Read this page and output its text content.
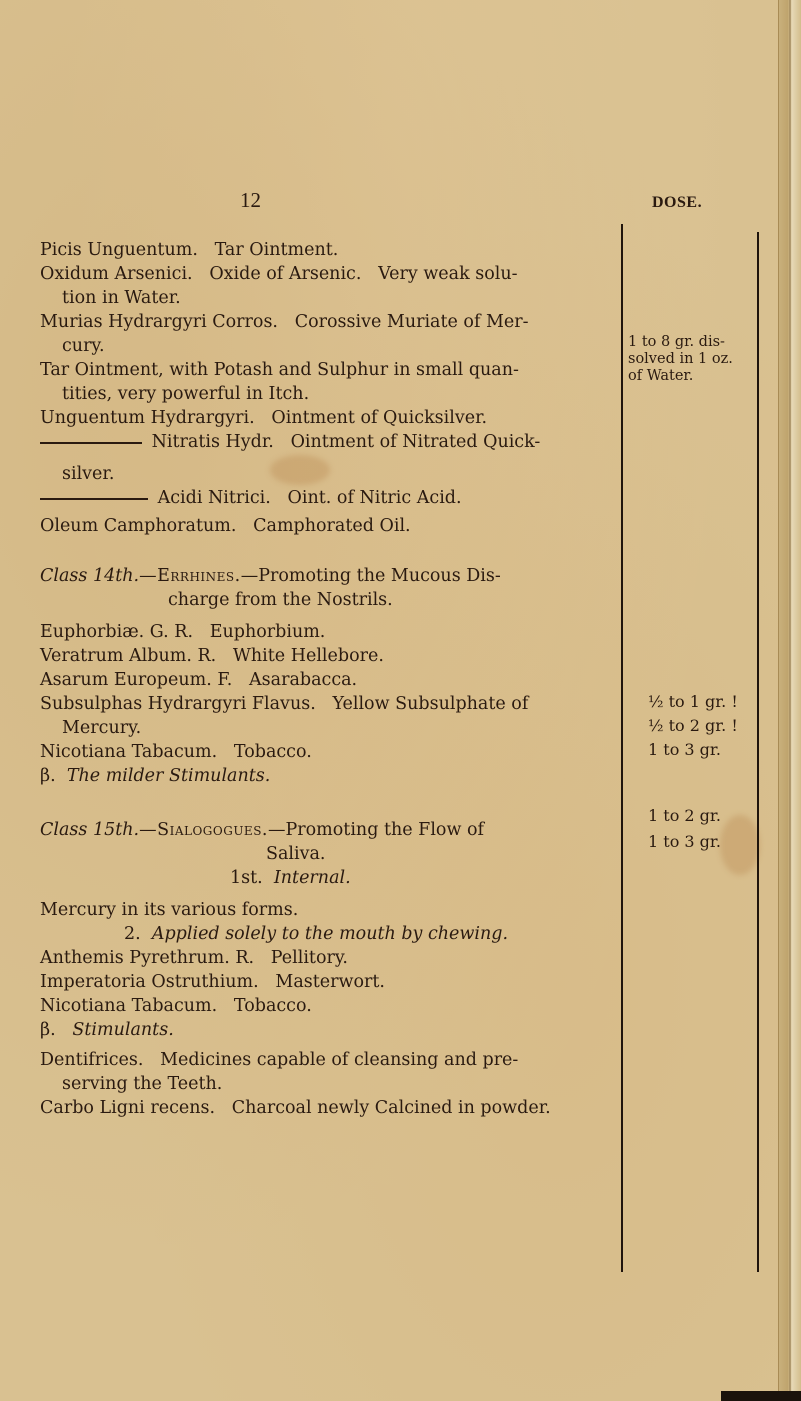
12	DOSE.
Picis Unguentum. Tar Ointment.
Oxidum Arsenici. Oxide of Arsenic. Very weak solu-
tion in Water.
Murias Hydrargyri Corros. Corossive Muriate of Mer-
cury.
Tar Ointment, with Potash and Sulphur in small quan-
tities, very powerful in Itch.
Unguentum Hydrargyri. Ointment of Quicksilver.
Nitratis Hydr. Ointment of Nitrated Quick-
silver.
Acidi Nitrici. Oint. of Nitric Acid.
Oleum Camphoratum. Camphorated Oil.
Class 14th.—Errhines.—Promoting the Mucous Dis-
charge from the Nostrils.
Euphorbiæ. G. R. Euphorbium.
Veratrum Album. R. White Hellebore.
Asarum Europeum. F. Asarabacca.
Subsulphas Hydrargyri Flavus. Yellow Subsulphate of
Mercury.
Nicotiana Tabacum. Tobacco.
β. The milder Stimulants.
Class 15th.—Sialogogues.—Promoting the Flow of
Saliva.
1st. Internal.
Mercury in its various forms.
2. Applied solely to the mouth by chewing.
Anthemis Pyrethrum. R. Pellitory.
Imperatoria Ostruthium. Masterwort.
Nicotiana Tabacum. Tobacco.
β. Stimulants.
Dentifrices. Medicines capable of cleansing and pre-
serving the Teeth.
Carbo Ligni recens. Charcoal newly Calcined in powder.
1 to 8 gr. dis-
solved in 1 oz.
of Water.
½ to 1 gr. !
½ to 2 gr. !
1 to 3 gr.
1 to 2 gr.
1 to 3 gr.
